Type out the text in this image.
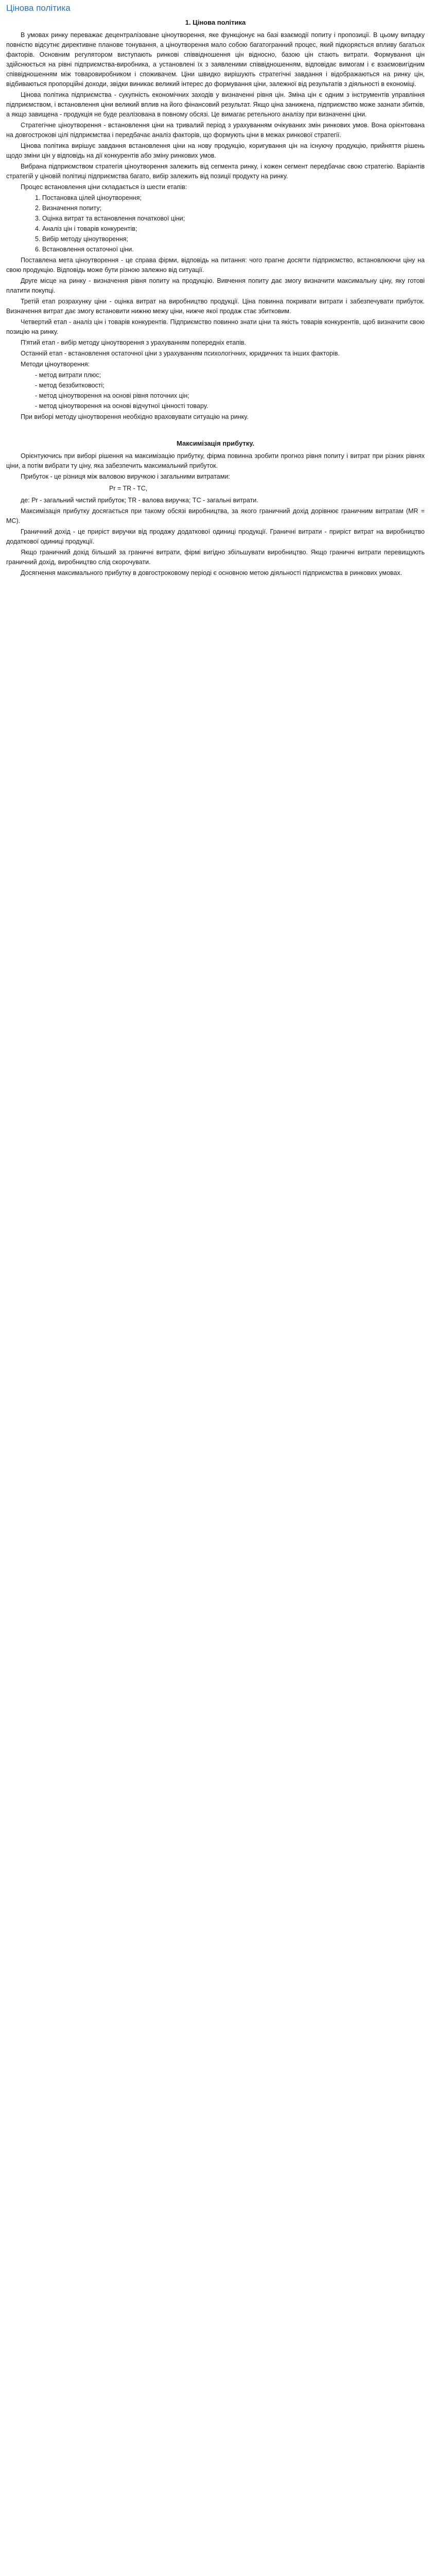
Цінова політика
1. Цінова політика

В умовах ринку переважає децентралізоване ціноутворення, яке функціонує на базі взаємодії попиту і пропозиції. В цьому випадку повністю відсутнє директивне планове тонування, а ціноутворення мало собою багатогранний процес, який підкоряється впливу багатьох факторів. Основним регулятором виступають ринкові співвідношення цін відносно, базою цін стають витрати. Формування цін здійснюється на рівні підприємства-виробника, а установлені їх з заявленими співвідношенням, відповідає вимогам і є взаємовигідним співвідношенням між товаровиробником і споживачем. Ціни швидко вирішують стратегічні завдання і відображаються на ринку цін, відбиваються пропорційні доходи, звідки виникає великий інтерес до формування ціни, залежної від результатів з діяльності в економіці.

Цінова політика підприємства - сукупність економічних заходів у визначенні рівня цін. Зміна цін є одним з інструментів управління підприємством, і встановлення ціни великий вплив на його фінансовий результат. Якщо ціна занижена, підприємство може зазнати збитків, а якщо завищена - продукція не буде реалізована в повному обсязі. Це вимагає ретельного аналізу при визначенні ціни.

Стратегічне ціноутворення - встановлення ціни на тривалий період з урахуванням очікуваних змін ринкових умов. Вона орієнтована на довгострокові цілі підприємства і передбачає аналіз факторів, що формують ціни в межах ринкової стратегії.

Цінова політика вирішує завдання встановлення ціни на нову продукцію, коригування цін на існуючу продукцію, прийняття рішень щодо зміни цін у відповідь на дії конкурентів або зміну ринкових умов.

Вибрана підприємством стратегія ціноутворення залежить від сегмента ринку, і кожен сегмент передбачає свою стратегію. Варіантів стратегій у ціновій політиці підприємства багато, вибір залежить від позиції продукту на ринку.

Процес встановлення ціни складається із шести етапів:

1. Постановка цілей ціноутворення;
2. Визначення попиту;
3. Оцінка витрат та встановлення початкової ціни;
4. Аналіз цін і товарів конкурентів;
5. Вибір методу ціноутворення;
6. Встановлення остаточної ціни.

Поставлена мета ціноутворення - це справа фірми, відповідь на питання: чого прагне досягти підприємство, встановлюючи ціну на свою продукцію. Відповідь може бути різною залежно від ситуації.

Друге місце на ринку - визначення рівня попиту на продукцію. Вивчення попиту дає змогу визначити максимальну ціну, яку готові платити покупці.

Третій етап розрахунку ціни - оцінка витрат на виробництво продукції. Ціна повинна покривати витрати і забезпечувати прибуток. Визначення витрат дає змогу встановити нижню межу ціни, нижче якої продаж стає збитковим.

Четвертий етап - аналіз цін і товарів конкурентів. Підприємство повинно знати ціни та якість товарів конкурентів, щоб визначити свою позицію на ринку.

П'ятий етап - вибір методу ціноутворення з урахуванням попередніх етапів.

Останній етап - встановлення остаточної ціни з урахуванням психологічних, юридичних та інших факторів.

Методи ціноутворення:

- метод витрати плюс;
- метод беззбитковості;
- метод ціноутворення на основі рівня поточних цін;
- метод ціноутворення на основі відчутної цінності товару.

При виборі методу ціноутворення необхідно враховувати ситуацію на ринку.

Максимізація прибутку.

Орієнтуючись при виборі рішення на максимізацію прибутку, фірма повинна зробити прогноз рівня попиту і витрат при різних рівнях ціни, а потім вибрати ту ціну, яка забезпечить максимальний прибуток.

Прибуток - це різниця між валовою виручкою і загальними витратами:

Pr = TR - TC,

де: Pr - загальний чистий прибуток; TR - валова виручка; TC - загальні витрати.

Максимізація прибутку досягається при такому обсязі виробництва, за якого граничний дохід дорівнює граничним витратам (MR = MC).

Граничний дохід - це приріст виручки від продажу додаткової одиниці продукції. Граничні витрати - приріст витрат на виробництво додаткової одиниці продукції.

Якщо граничний дохід більший за граничні витрати, фірмі вигідно збільшувати виробництво. Якщо граничні витрати перевищують граничний дохід, виробництво слід скорочувати.

Досягнення максимального прибутку в довгостроковому періоді є основною метою діяльності підприємства в ринкових умовах.
